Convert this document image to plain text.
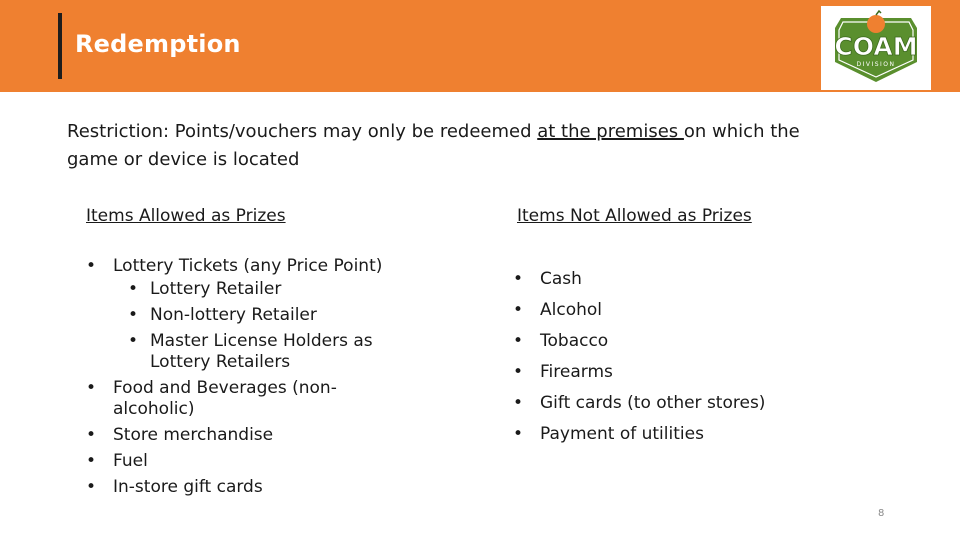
Redemption	COAM
DIVISION
Restriction: Points/vouchers may only be redeemed at the premises on which the game or device is located
Items Allowed as Prizes
• Lottery Tickets (any Price Point)
• Lottery Retailer
• Non-lottery Retailer
• Master License Holders as Lottery Retailers
• Food and Beverages (non-alcoholic)
• Store merchandise
• Fuel
• In-store gift cards
Items Not Allowed as Prizes
• Cash
• Alcohol
• Tobacco
• Firearms
• Gift cards (to other stores)
• Payment of utilities
8
